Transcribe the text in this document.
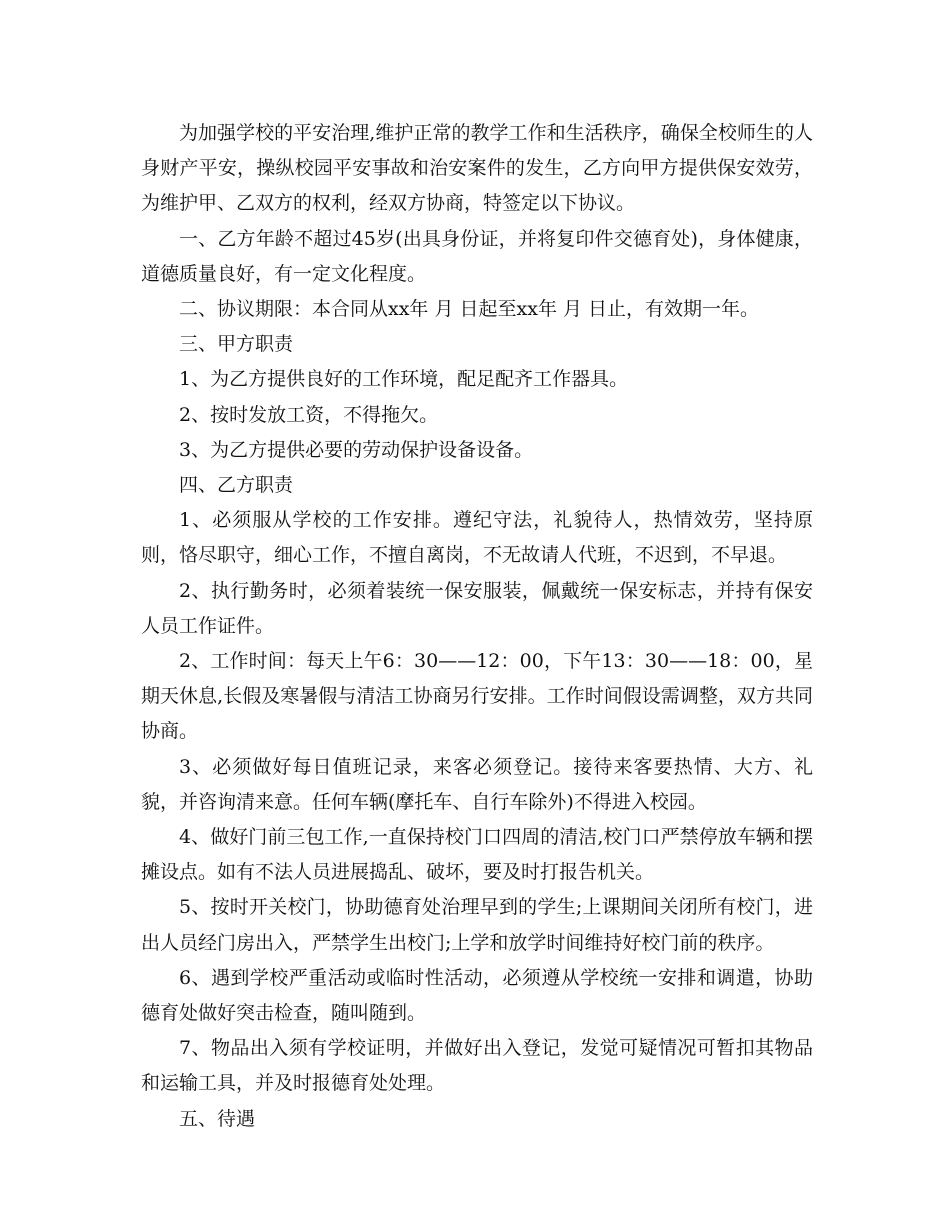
为加强学校的平安治理,维护正常的教学工作和生活秩序，确保全校师生的人身财产平安，操纵校园平安事故和治安案件的发生，乙方向甲方提供保安效劳，为维护甲、乙双方的权利，经双方协商，特签定以下协议。

一、乙方年龄不超过45岁(出具身份证，并将复印件交德育处)，身体健康，道德质量良好，有一定文化程度。

二、协议期限：本合同从xx年 月 日起至xx年 月 日止，有效期一年。

三、甲方职责

1、为乙方提供良好的工作环境，配足配齐工作器具。

2、按时发放工资，不得拖欠。

3、为乙方提供必要的劳动保护设备设备。

四、乙方职责

1、必须服从学校的工作安排。遵纪守法，礼貌待人，热情效劳，坚持原则，恪尽职守，细心工作，不擅自离岗，不无故请人代班，不迟到，不早退。

2、执行勤务时，必须着装统一保安服装，佩戴统一保安标志，并持有保安人员工作证件。

2、工作时间：每天上午6：30——12：00，下午13：30——18：00，星期天休息,长假及寒暑假与清洁工协商另行安排。工作时间假设需调整，双方共同协商。

3、必须做好每日值班记录，来客必须登记。接待来客要热情、大方、礼貌，并咨询清来意。任何车辆(摩托车、自行车除外)不得进入校园。

4、做好门前三包工作,一直保持校门口四周的清洁,校门口严禁停放车辆和摆摊设点。如有不法人员进展捣乱、破坏，要及时打报告机关。

5、按时开关校门，协助德育处治理早到的学生;上课期间关闭所有校门，进出人员经门房出入，严禁学生出校门;上学和放学时间维持好校门前的秩序。

6、遇到学校严重活动或临时性活动，必须遵从学校统一安排和调遣，协助德育处做好突击检查，随叫随到。

7、物品出入须有学校证明，并做好出入登记，发觉可疑情况可暂扣其物品和运输工具，并及时报德育处处理。

五、待遇
